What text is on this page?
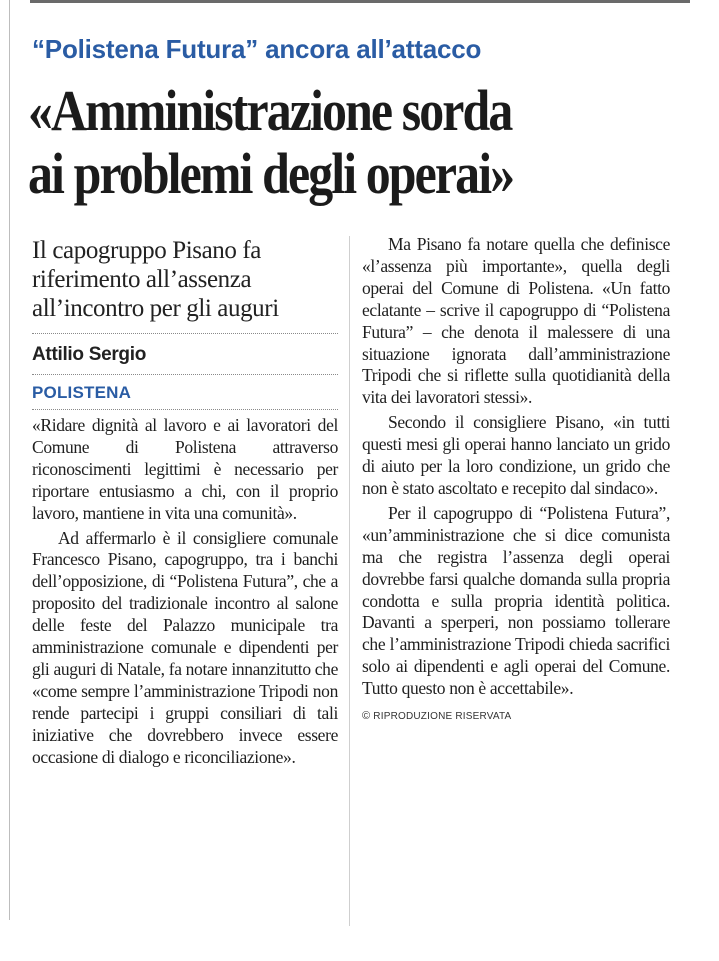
“Polistena Futura” ancora all’attacco
«Amministrazione sorda
ai problemi degli operai»

Il capogruppo Pisano fa riferimento all’assenza all’incontro per gli auguri

Attilio Sergio
POLISTENA

«Ridare dignità al lavoro e ai lavoratori del Comune di Polistena attraverso riconoscimenti legittimi è necessario per riportare entusiasmo a chi, con il proprio lavoro, mantiene in vita una comunità».

Ad affermarlo è il consigliere comunale Francesco Pisano, capogruppo, tra i banchi dell’opposizione, di “Polistena Futura”, che a proposito del tradizionale incontro al salone delle feste del Palazzo municipale tra amministrazione comunale e dipendenti per gli auguri di Natale, fa notare innanzitutto che «come sempre l’amministrazione Tripodi non rende partecipi i gruppi consiliari di tali iniziative che dovrebbero invece essere occasione di dialogo e riconciliazione».

Ma Pisano fa notare quella che definisce «l’assenza più importante», quella degli operai del Comune di Polistena. «Un fatto eclatante – scrive il capogruppo di “Polistena Futura” – che denota il malessere di una situazione ignorata dall’amministrazione Tripodi che si riflette sulla quotidianità della vita dei lavoratori stessi».

Secondo il consigliere Pisano, «in tutti questi mesi gli operai hanno lanciato un grido di aiuto per la loro condizione, un grido che non è stato ascoltato e recepito dal sindaco».

Per il capogruppo di “Polistena Futura”, «un’amministrazione che si dice comunista ma che registra l’assenza degli operai dovrebbe farsi qualche domanda sulla propria condotta e sulla propria identità politica. Davanti a sperperi, non possiamo tollerare che l’amministrazione Tripodi chieda sacrifici solo ai dipendenti e agli operai del Comune. Tutto questo non è accettabile».

© RIPRODUZIONE RISERVATA
